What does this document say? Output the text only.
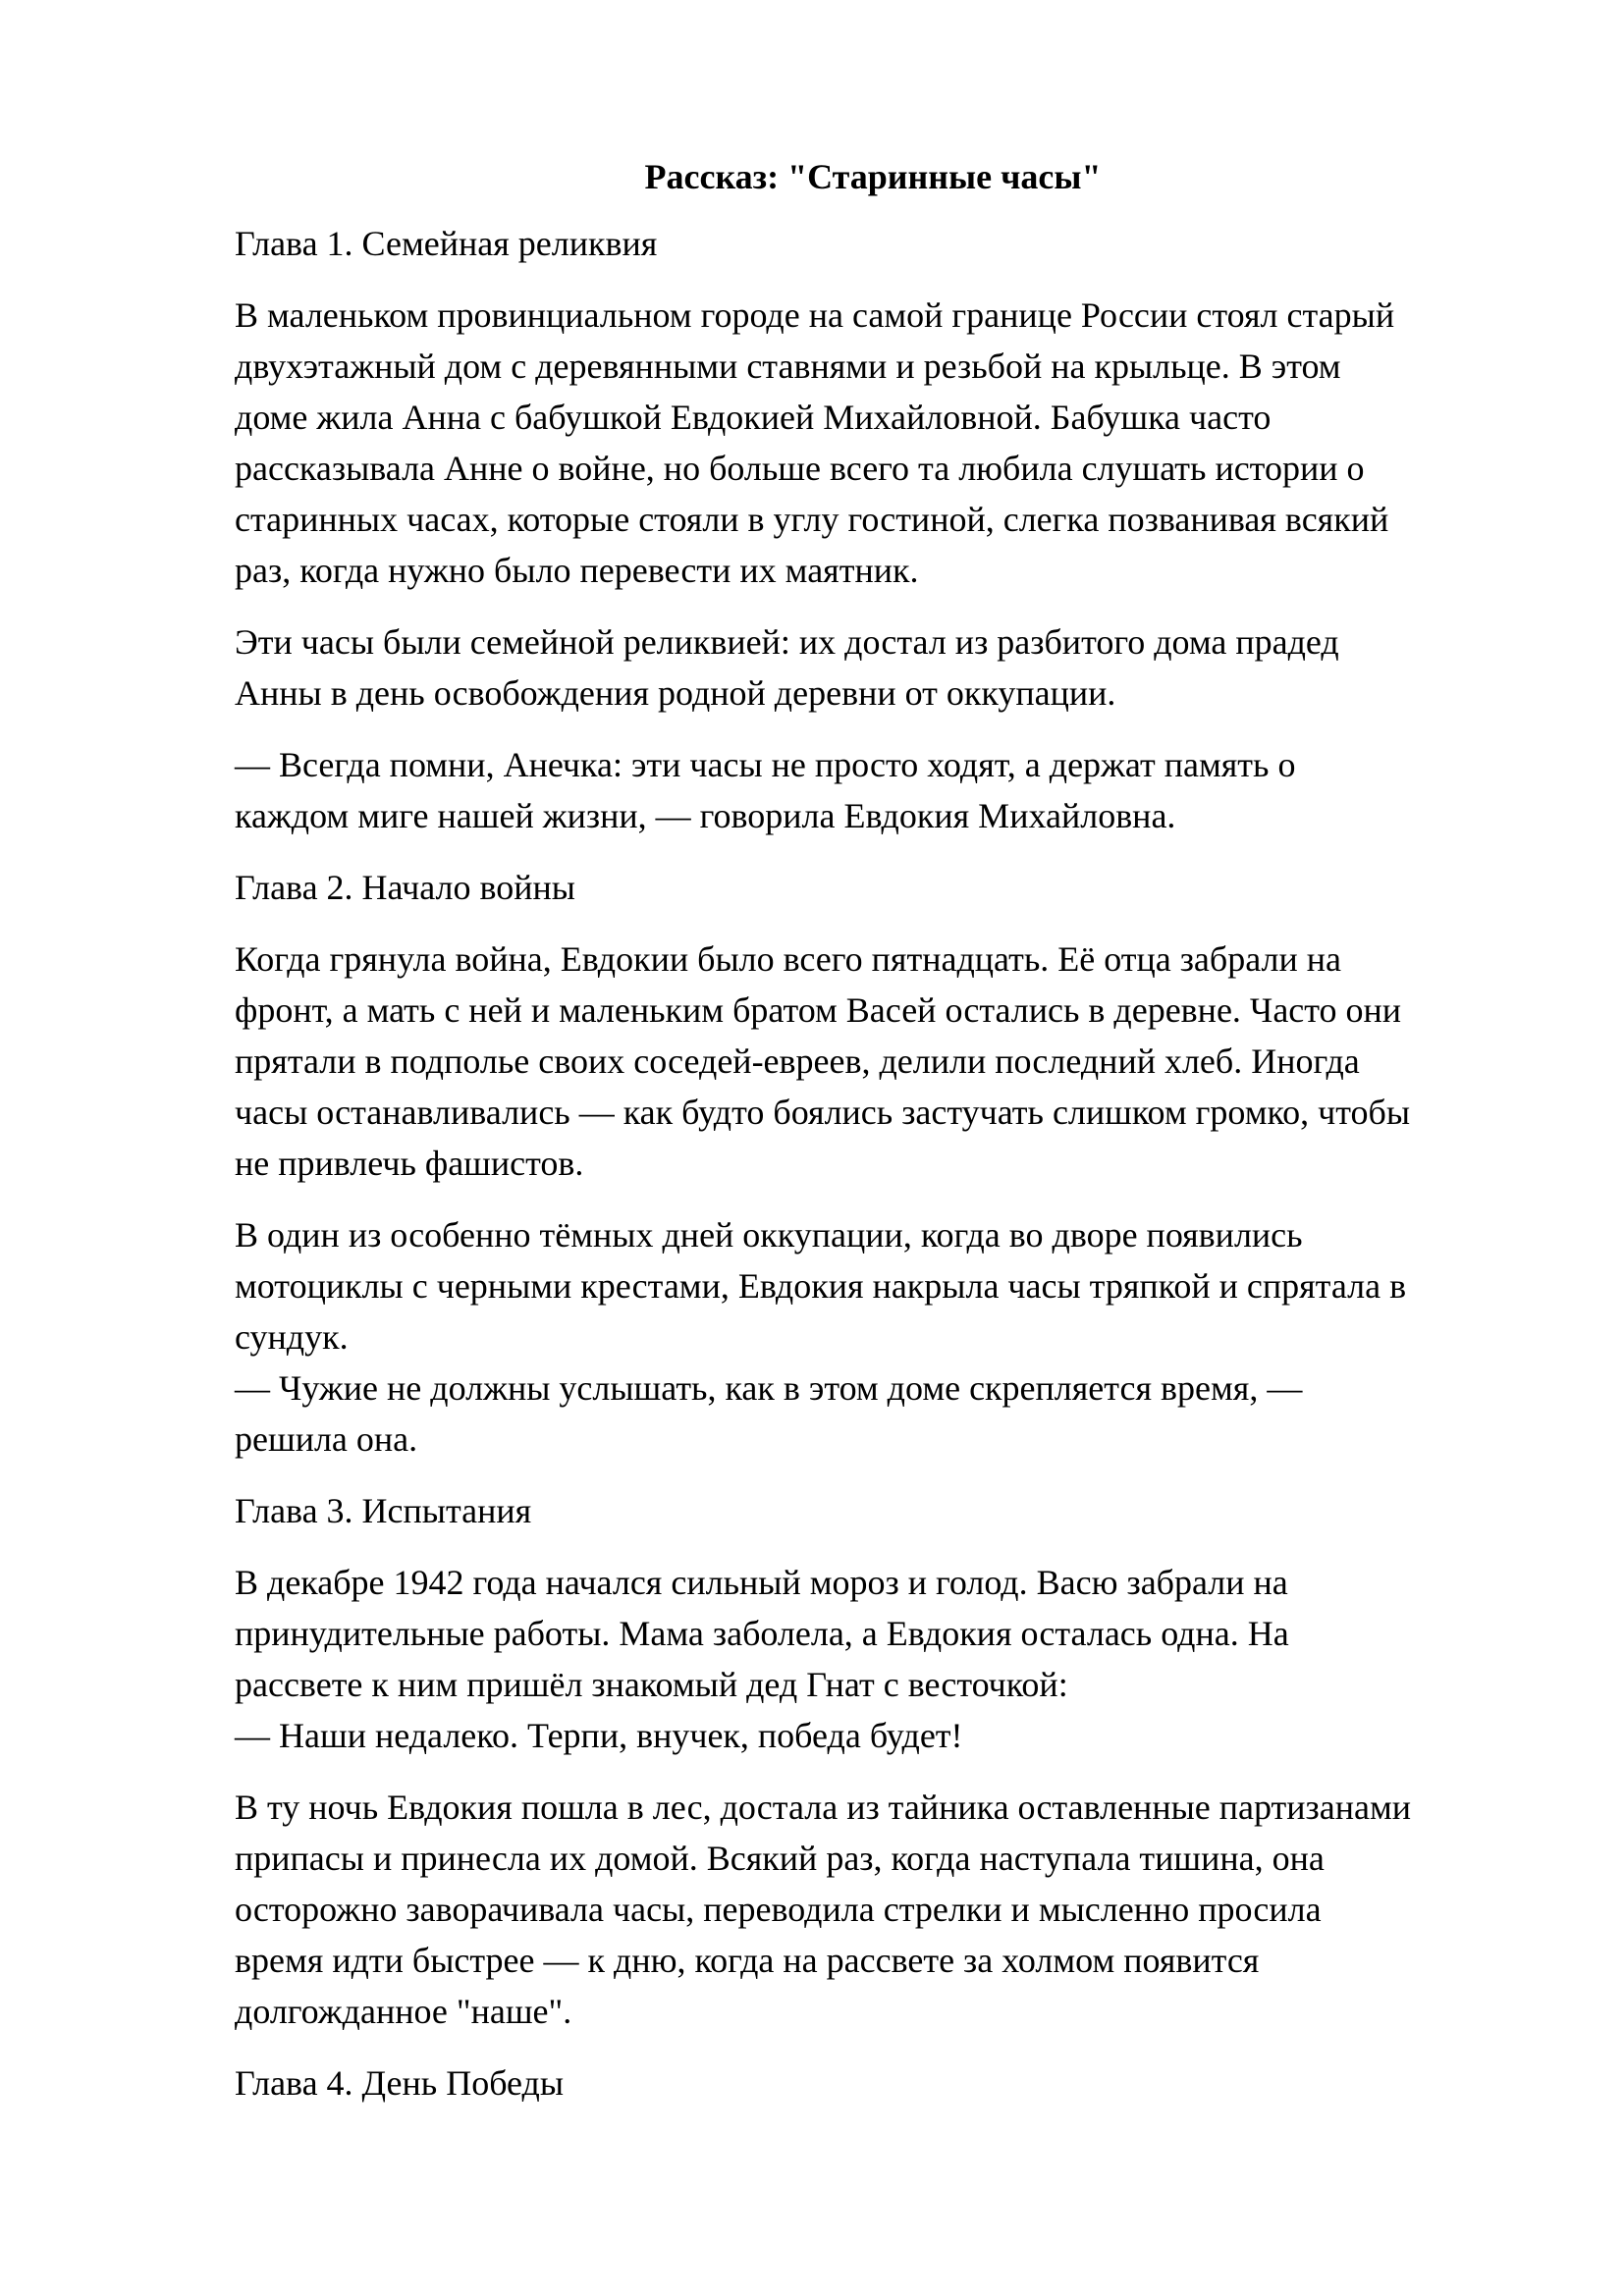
Рассказ: "Старинные часы"
Глава 1. Семейная реликвия
В маленьком провинциальном городе на самой границе России стоял старый
двухэтажный дом с деревянными ставнями и резьбой на крыльце. В этом
доме жила Анна с бабушкой Евдокией Михайловной. Бабушка часто
рассказывала Анне о войне, но больше всего та любила слушать истории о
старинных часах, которые стояли в углу гостиной, слегка позванивая всякий
раз, когда нужно было перевести их маятник.
Эти часы были семейной реликвией: их достал из разбитого дома прадед
Анны в день освобождения родной деревни от оккупации.
— Всегда помни, Анечка: эти часы не просто ходят, а держат память о
каждом миге нашей жизни, — говорила Евдокия Михайловна.
Глава 2. Начало войны
Когда грянула война, Евдокии было всего пятнадцать. Её отца забрали на
фронт, а мать с ней и маленьким братом Васей остались в деревне. Часто они
прятали в подполье своих соседей-евреев, делили последний хлеб. Иногда
часы останавливались — как будто боялись застучать слишком громко, чтобы
не привлечь фашистов.
В один из особенно тёмных дней оккупации, когда во дворе появились
мотоциклы с черными крестами, Евдокия накрыла часы тряпкой и спрятала в
сундук.
— Чужие не должны услышать, как в этом доме скрепляется время, —
решила она.
Глава 3. Испытания
В декабре 1942 года начался сильный мороз и голод. Васю забрали на
принудительные работы. Мама заболела, а Евдокия осталась одна. На
рассвете к ним пришёл знакомый дед Гнат с весточкой:
— Наши недалеко. Терпи, внучек, победа будет!
В ту ночь Евдокия пошла в лес, достала из тайника оставленные партизанами
припасы и принесла их домой. Всякий раз, когда наступала тишина, она
осторожно заворачивала часы, переводила стрелки и мысленно просила
время идти быстрее — к дню, когда на рассвете за холмом появится
долгожданное "наше".
Глава 4. День Победы
